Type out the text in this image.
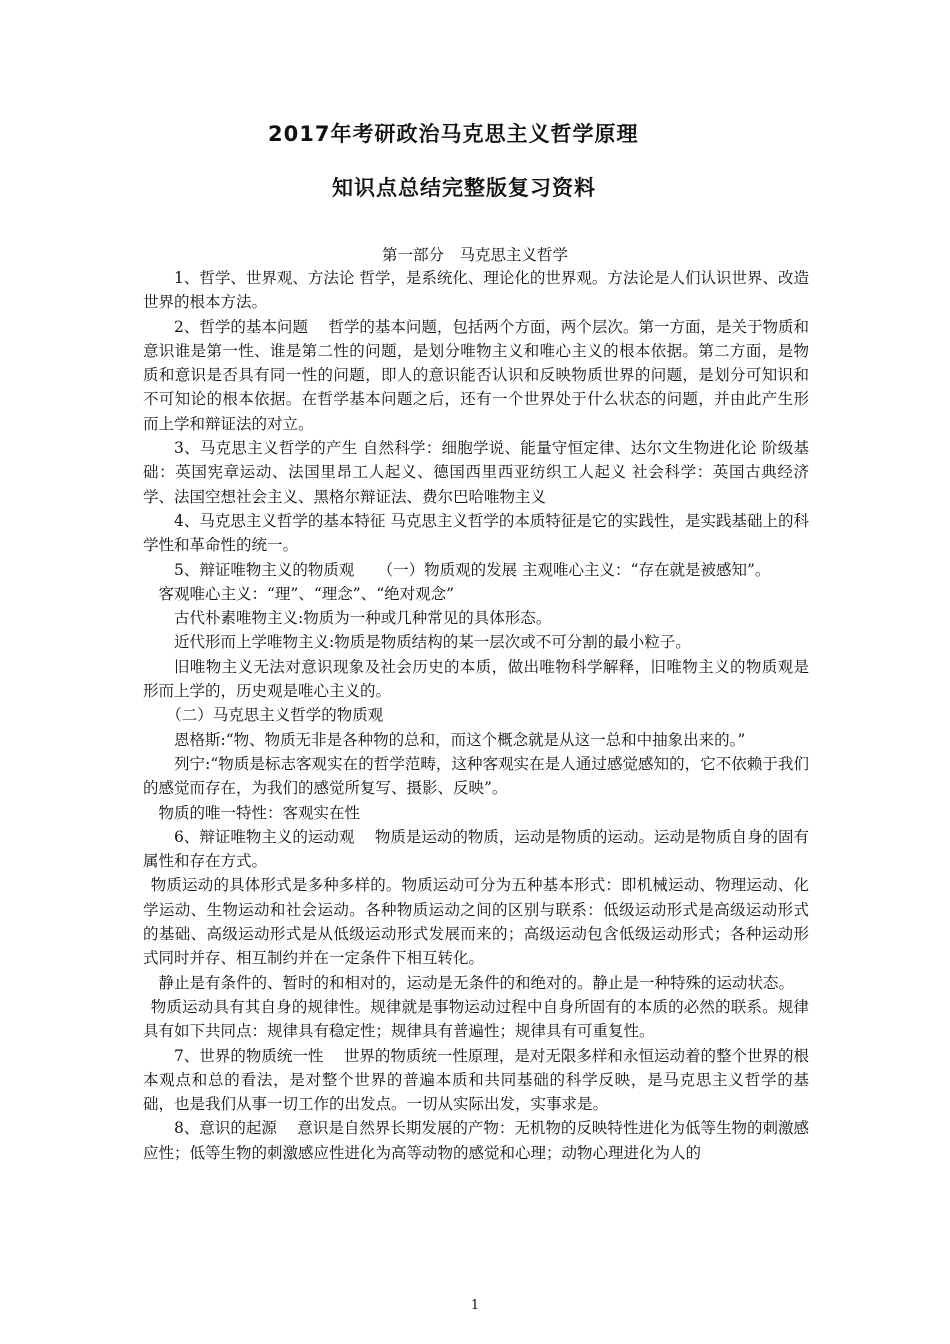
2017年考研政治马克思主义哲学原理
知识点总结完整版复习资料
第一部分　马克思主义哲学

1、哲学、世界观、方法论 哲学，是系统化、理论化的世界观。方法论是人们认识世界、改造世界的根本方法。

2、哲学的基本问题　 哲学的基本问题，包括两个方面，两个层次。第一方面，是关于物质和意识谁是第一性、谁是第二性的问题，是划分唯物主义和唯心主义的根本依据。第二方面，是物质和意识是否具有同一性的问题，即人的意识能否认识和反映物质世界的问题，是划分可知识和不可知论的根本依据。在哲学基本问题之后，还有一个世界处于什么状态的问题，并由此产生形而上学和辩证法的对立。

3、马克思主义哲学的产生 自然科学：细胞学说、能量守恒定律、达尔文生物进化论 阶级基础：英国宪章运动、法国里昂工人起义、德国西里西亚纺织工人起义 社会科学：英国古典经济学、法国空想社会主义、黑格尔辩证法、费尔巴哈唯物主义

4、马克思主义哲学的基本特征 马克思主义哲学的本质特征是它的实践性，是实践基础上的科学性和革命性的统一。

5、辩证唯物主义的物质观　　（一）物质观的发展 主观唯心主义：“存在就是被感知”。

客观唯心主义：“理”、“理念”、“绝对观念”

古代朴素唯物主义:物质为一种或几种常见的具体形态。

近代形而上学唯物主义:物质是物质结构的某一层次或不可分割的最小粒子。

旧唯物主义无法对意识现象及社会历史的本质，做出唯物科学解释，旧唯物主义的物质观是形而上学的，历史观是唯心主义的。

（二）马克思主义哲学的物质观

恩格斯:“物、物质无非是各种物的总和，而这个概念就是从这一总和中抽象出来的。”

列宁:“物质是标志客观实在的哲学范畴，这种客观实在是人通过感觉感知的，它不依赖于我们的感觉而存在，为我们的感觉所复写、摄影、反映”。

物质的唯一特性：客观实在性

6、辩证唯物主义的运动观　 物质是运动的物质，运动是物质的运动。运动是物质自身的固有属性和存在方式。

物质运动的具体形式是多种多样的。物质运动可分为五种基本形式：即机械运动、物理运动、化学运动、生物运动和社会运动。各种物质运动之间的区别与联系：低级运动形式是高级运动形式的基础、高级运动形式是从低级运动形式发展而来的；高级运动包含低级运动形式；各种运动形式同时并存、相互制约并在一定条件下相互转化。

静止是有条件的、暂时的和相对的，运动是无条件的和绝对的。静止是一种特殊的运动状态。

物质运动具有其自身的规律性。规律就是事物运动过程中自身所固有的本质的必然的联系。规律具有如下共同点：规律具有稳定性；规律具有普遍性；规律具有可重复性。

7、世界的物质统一性　 世界的物质统一性原理，是对无限多样和永恒运动着的整个世界的根本观点和总的看法，是对整个世界的普遍本质和共同基础的科学反映，是马克思主义哲学的基础，也是我们从事一切工作的出发点。一切从实际出发，实事求是。

8、意识的起源　 意识是自然界长期发展的产物：无机物的反映特性进化为低等生物的刺激感应性；低等生物的刺激感应性进化为高等动物的感觉和心理；动物心理进化为人的

1
